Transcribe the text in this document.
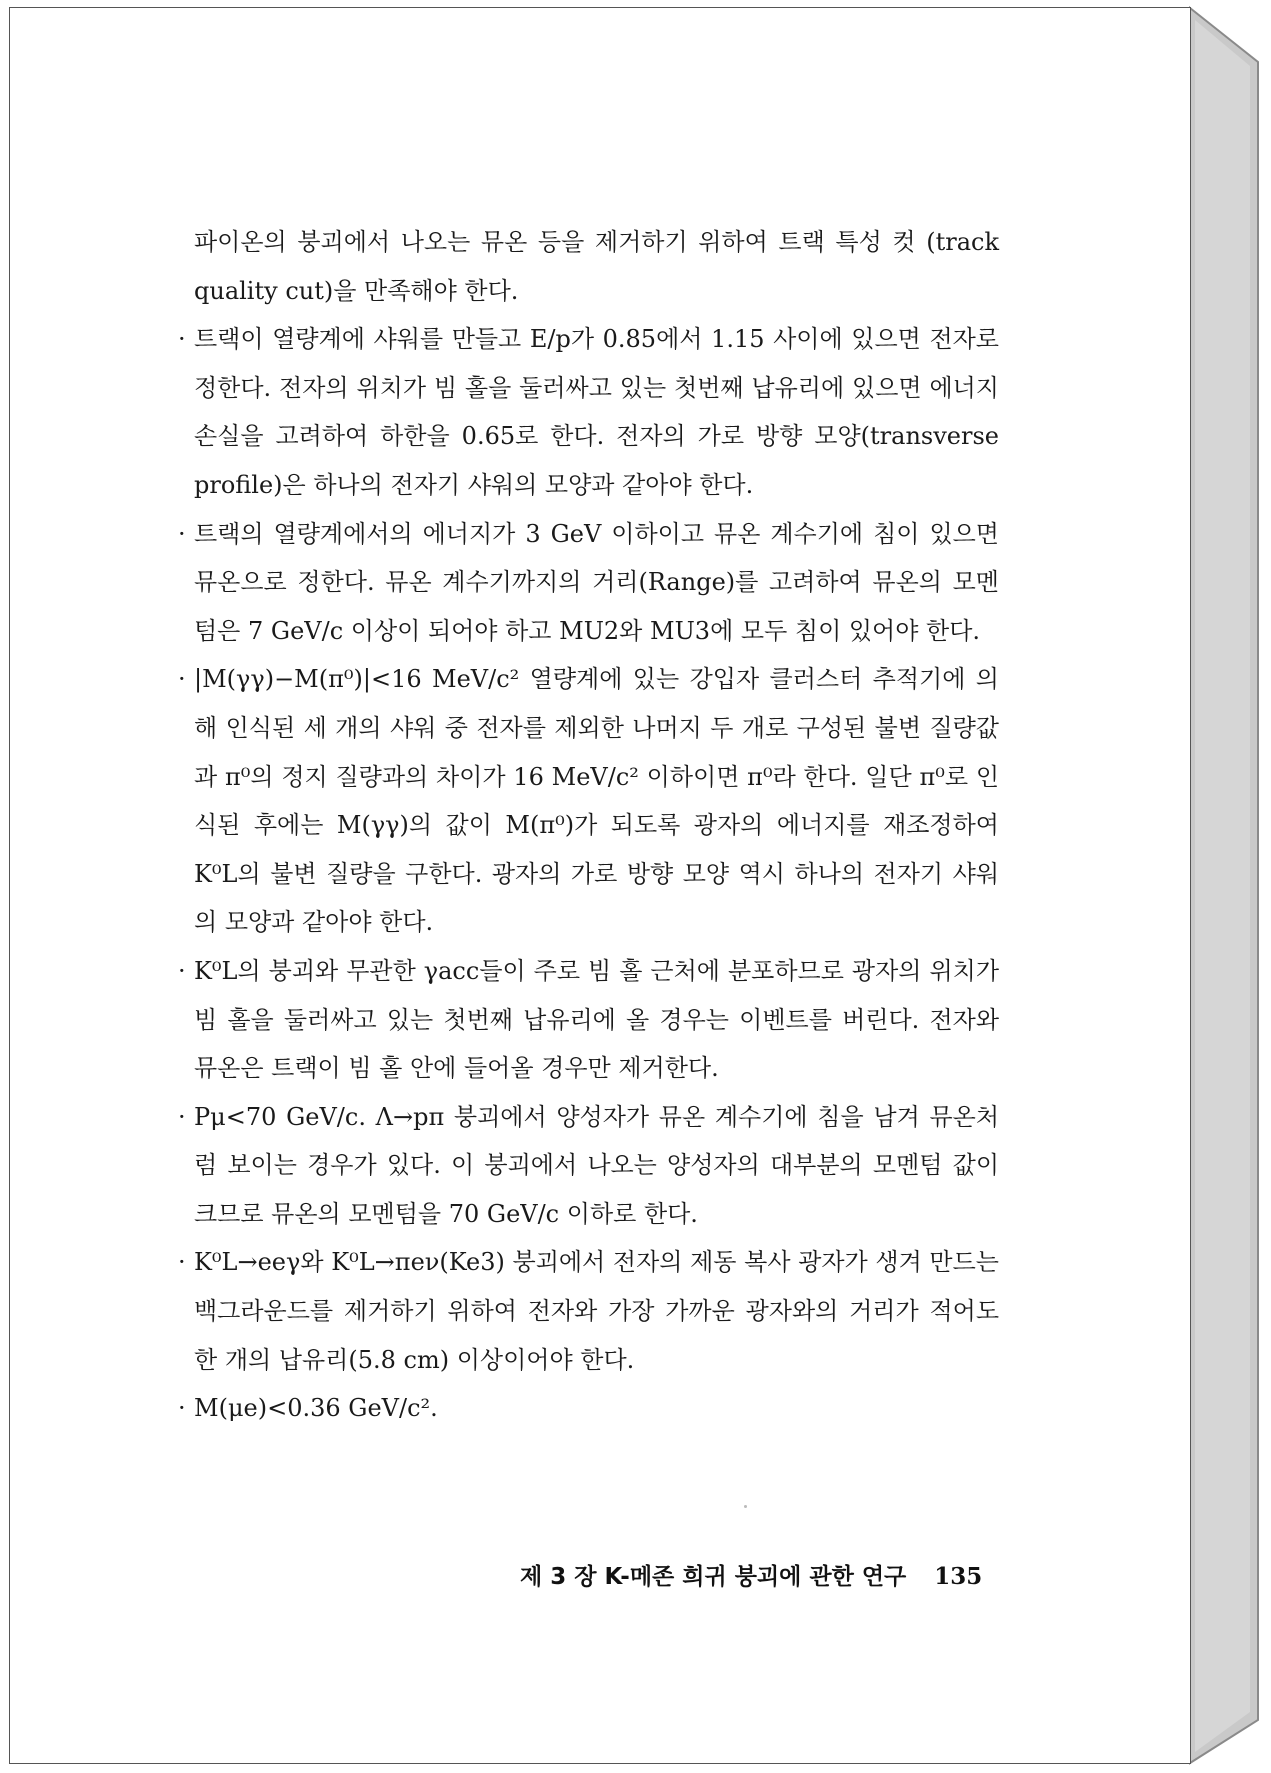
파이온의 붕괴에서 나오는 뮤온 등을 제거하기 위하여 트랙 특성 컷 (track quality cut)을 만족해야 한다.
· 트랙이 열량계에 샤워를 만들고 E/p가 0.85에서 1.15 사이에 있으면 전자로 정한다. 전자의 위치가 빔 홀을 둘러싸고 있는 첫번째 납유리에 있으면 에너지 손실을 고려하여 하한을 0.65로 한다. 전자의 가로 방향 모양(transverse profile)은 하나의 전자기 샤워의 모양과 같아야 한다.
· 트랙의 열량계에서의 에너지가 3 GeV 이하이고 뮤온 계수기에 침이 있으면 뮤온으로 정한다. 뮤온 계수기까지의 거리(Range)를 고려하여 뮤온의 모멘텀은 7 GeV/c 이상이 되어야 하고 MU2와 MU3에 모두 침이 있어야 한다.
· |M(γγ)−M(π⁰)|<16 MeV/c² 열량계에 있는 강입자 클러스터 추적기에 의해 인식된 세 개의 샤워 중 전자를 제외한 나머지 두 개로 구성된 불변 질량값과 π⁰의 정지 질량과의 차이가 16 MeV/c² 이하이면 π⁰라 한다. 일단 π⁰로 인식된 후에는 M(γγ)의 값이 M(π⁰)가 되도록 광자의 에너지를 재조정하여 K⁰L의 불변 질량을 구한다. 광자의 가로 방향 모양 역시 하나의 전자기 샤워의 모양과 같아야 한다.
· K⁰L의 붕괴와 무관한 γacc들이 주로 빔 홀 근처에 분포하므로 광자의 위치가 빔 홀을 둘러싸고 있는 첫번째 납유리에 올 경우는 이벤트를 버린다. 전자와 뮤온은 트랙이 빔 홀 안에 들어올 경우만 제거한다.
· Pμ<70 GeV/c. Λ→pπ 붕괴에서 양성자가 뮤온 계수기에 침을 남겨 뮤온처럼 보이는 경우가 있다. 이 붕괴에서 나오는 양성자의 대부분의 모멘텀 값이 크므로 뮤온의 모멘텀을 70 GeV/c 이하로 한다.
· K⁰L→eeγ와 K⁰L→πeν(Ke3) 붕괴에서 전자의 제동 복사 광자가 생겨 만드는 백그라운드를 제거하기 위하여 전자와 가장 가까운 광자와의 거리가 적어도 한 개의 납유리(5.8 cm) 이상이어야 한다.
· M(μe)<0.36 GeV/c².
제 3 장 K-메존 희귀 붕괴에 관한 연구 135
